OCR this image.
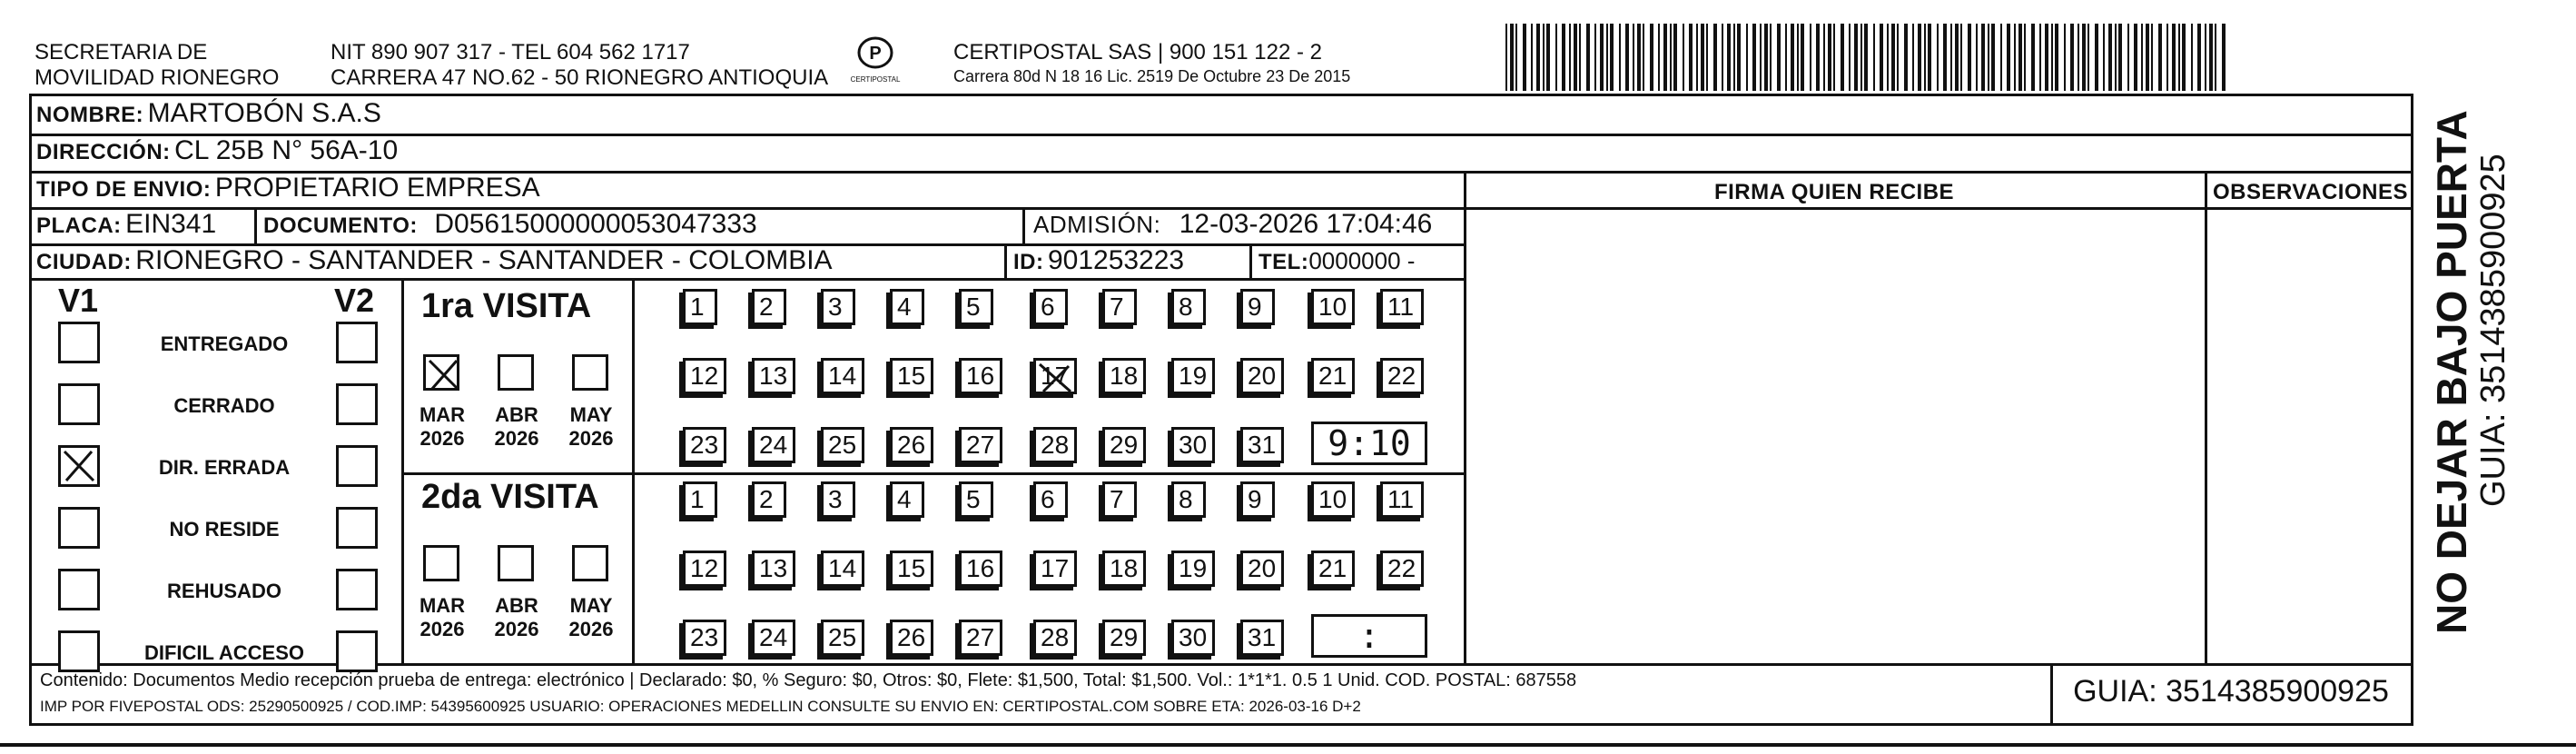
SECRETARIA DE
MOVILIDAD RIONEGRO
NIT 890 907 317 - TEL 604 562 1717
CARRERA 47 NO.62 - 50 RIONEGRO ANTIOQUIA
P
CERTIPOSTAL
CERTIPOSTAL SAS | 900 151 122 - 2
Carrera 80d N 18 16 Lic. 2519 De Octubre 23 De 2015
NOMBRE: MARTOBÓN S.A.S
DIRECCIÓN: CL 25B N° 56A-10
TIPO DE ENVIO: PROPIETARIO EMPRESA	FIRMA QUIEN RECIBE	OBSERVACIONES
PLACA: EIN341 DOCUMENTO: D05615000000053047333	ADMISIÓN: 12-03-2026 17:04:46
CIUDAD: RIONEGRO - SANTANDER - SANTANDER - COLOMBIA	ID: 901253223	TEL:0000000 -
V1	V2
ENTREGADO
CERRADO
DIR. ERRADA
NO RESIDE
REHUSADO
DIFICIL ACCESO
1ra VISITA
MAR
2026
ABR
2026
MAY
2026
1	2	3	4	5	6	7	8	9	10	11
12	13	14	15	16	17	18	19	20	21	22
23	24	25	26	27	28	29	30	31	9:10
2da VISITA
MAR
2026
ABR
2026
MAY
2026
1	2	3	4	5	6	7	8	9	10	11
12	13	14	15	16	17	18	19	20	21	22
23	24	25	26	27	28	29	30	31	:
Contenido: Documentos Medio recepción prueba de entrega: electrónico | Declarado: $0, % Seguro: $0, Otros: $0, Flete: $1,500, Total: $1,500. Vol.: 1*1*1. 0.5 1 Unid. COD. POSTAL: 687558
IMP POR FIVEPOSTAL ODS: 25290500925 / COD.IMP: 54395600925 USUARIO: OPERACIONES MEDELLIN CONSULTE SU ENVIO EN: CERTIPOSTAL.COM SOBRE ETA: 2026-03-16 D+2	GUIA: 3514385900925
NO DEJAR BAJO PUERTA GUIA: 3514385900925
